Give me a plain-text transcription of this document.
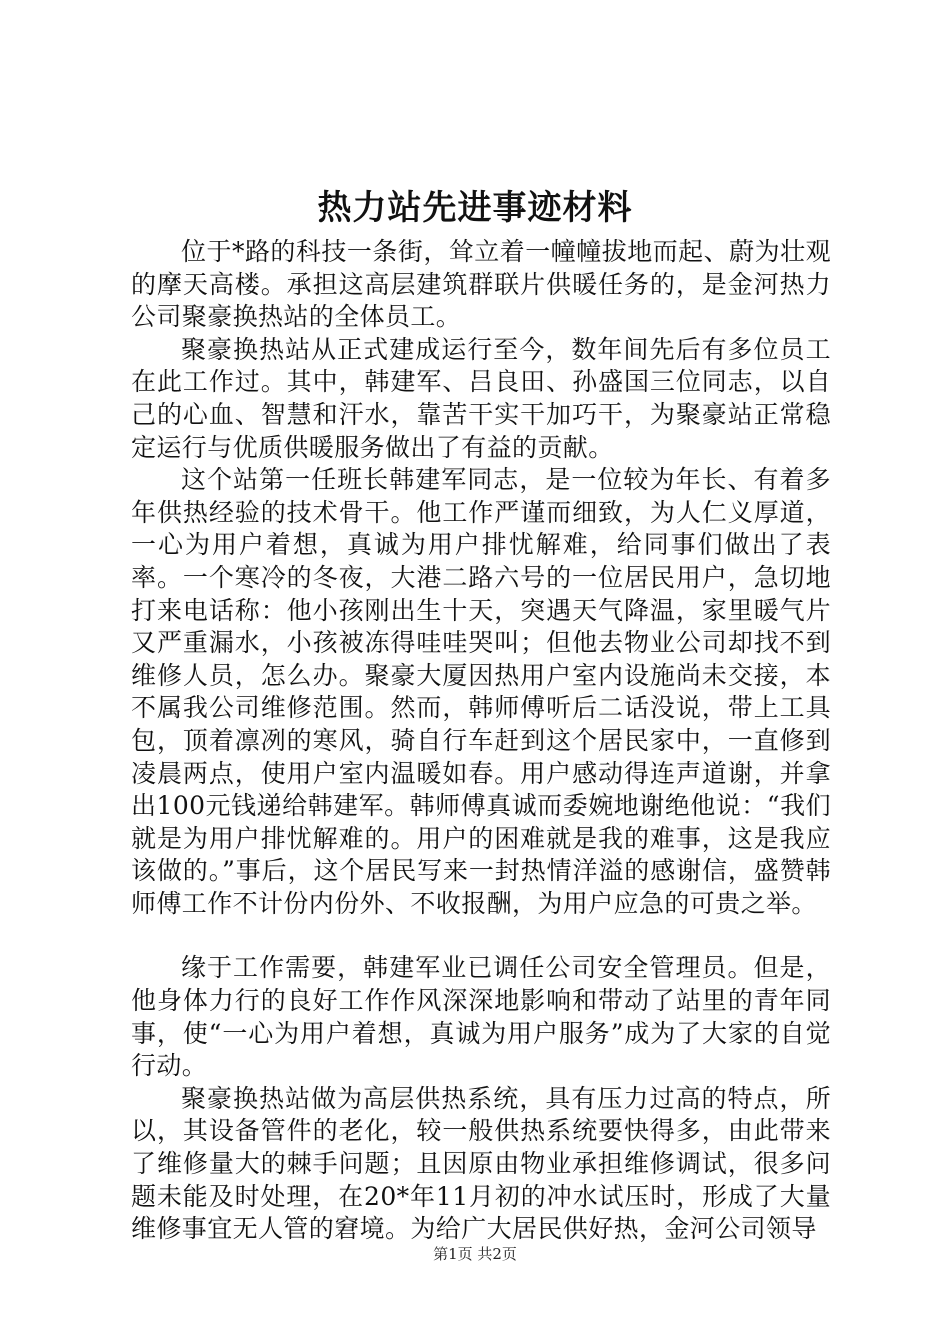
热力站先进事迹材料

位于*路的科技一条街，耸立着一幢幢拔地而起、蔚为壮观的摩天高楼。承担这高层建筑群联片供暖任务的，是金河热力公司聚豪换热站的全体员工。

聚豪换热站从正式建成运行至今，数年间先后有多位员工在此工作过。其中，韩建军、吕良田、孙盛国三位同志，以自己的心血、智慧和汗水，靠苦干实干加巧干，为聚豪站正常稳定运行与优质供暖服务做出了有益的贡献。

这个站第一任班长韩建军同志，是一位较为年长、有着多年供热经验的技术骨干。他工作严谨而细致，为人仁义厚道，一心为用户着想，真诚为用户排忧解难，给同事们做出了表率。一个寒冷的冬夜，大港二路六号的一位居民用户，急切地打来电话称：他小孩刚出生十天，突遇天气降温，家里暖气片又严重漏水，小孩被冻得哇哇哭叫；但他去物业公司却找不到维修人员，怎么办。聚豪大厦因热用户室内设施尚未交接，本不属我公司维修范围。然而，韩师傅听后二话没说，带上工具包，顶着凛冽的寒风，骑自行车赶到这个居民家中，一直修到凌晨两点，使用户室内温暖如春。用户感动得连声道谢，并拿出100元钱递给韩建军。韩师傅真诚而委婉地谢绝他说：“我们就是为用户排忧解难的。用户的困难就是我的难事，这是我应该做的。”事后，这个居民写来一封热情洋溢的感谢信，盛赞韩师傅工作不计份内份外、不收报酬，为用户应急的可贵之举。

缘于工作需要，韩建军业已调任公司安全管理员。但是，他身体力行的良好工作作风深深地影响和带动了站里的青年同事，使“一心为用户着想，真诚为用户服务”成为了大家的自觉行动。

聚豪换热站做为高层供热系统，具有压力过高的特点，所以，其设备管件的老化，较一般供热系统要快得多，由此带来了维修量大的棘手问题；且因原由物业承担维修调试，很多问题未能及时处理，在20*年11月初的冲水试压时，形成了大量维修事宜无人管的窘境。为给广大居民供好热，金河公司领导

第1页 共2页
